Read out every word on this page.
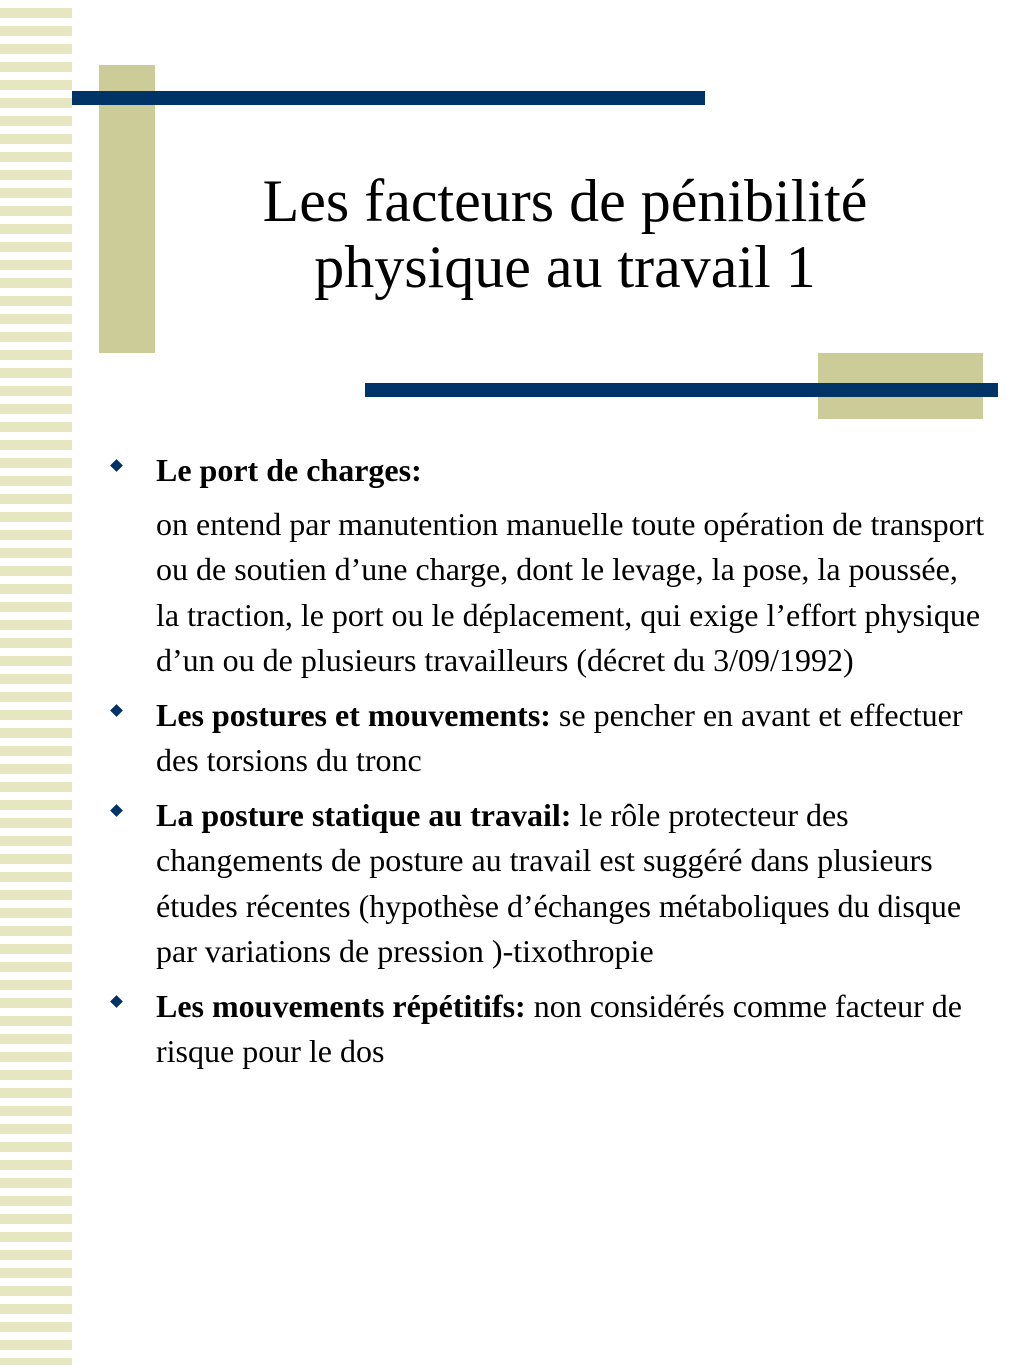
Les facteurs de pénibilité
physique au travail 1
Le port de charges:
on entend par manutention manuelle toute opération de transport ou de soutien d’une charge, dont le levage, la pose, la poussée, la traction, le port ou le déplacement, qui exige l’effort physique d’un ou de plusieurs travailleurs (décret du 3/09/1992)
Les postures et mouvements: se pencher en avant et effectuer des torsions du tronc
La posture statique au travail: le rôle protecteur des changements de posture au travail est suggéré dans plusieurs études récentes (hypothèse d’échanges métaboliques du disque par variations de pression )-tixothropie
Les mouvements répétitifs: non considérés comme facteur de risque pour le dos
